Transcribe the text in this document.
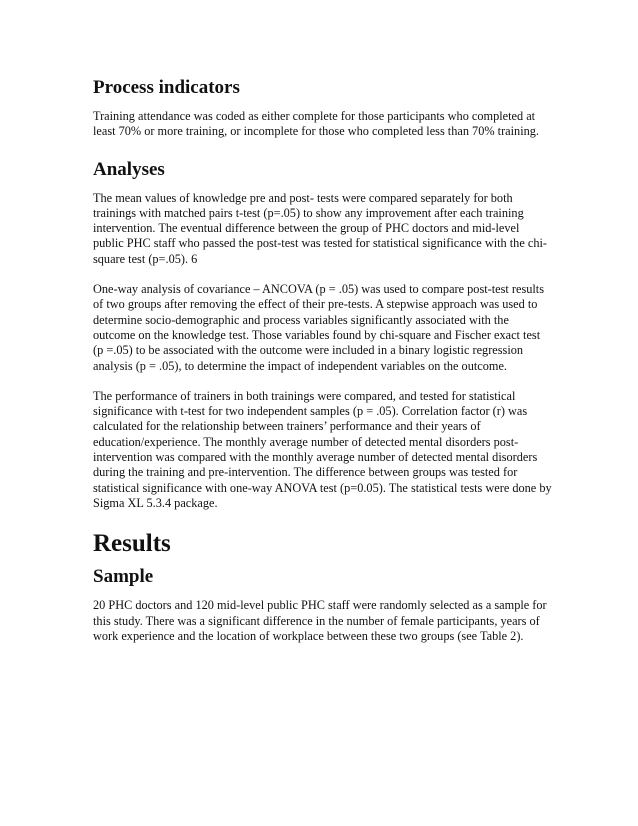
Process indicators

Training attendance was coded as either complete for those participants who completed at least 70% or more training, or incomplete for those who completed less than 70% training.

Analyses

The mean values of knowledge pre and post- tests were compared separately for both trainings with matched pairs t-test (p=.05) to show any improvement after each training intervention. The eventual difference between the group of PHC doctors and mid-level public PHC staff who passed the post-test was tested for statistical significance with the chi-square test (p=.05). 6

One-way analysis of covariance – ANCOVA (p = .05) was used to compare post-test results of two groups after removing the effect of their pre-tests. A stepwise approach was used to determine socio-demographic and process variables significantly associated with the outcome on the knowledge test. Those variables found by chi-square and Fischer exact test (p =.05) to be associated with the outcome were included in a binary logistic regression analysis (p = .05), to determine the impact of independent variables on the outcome.

The performance of trainers in both trainings were compared, and tested for statistical significance with t-test for two independent samples (p = .05). Correlation factor (r) was calculated for the relationship between trainers’ performance and their years of education/experience. The monthly average number of detected mental disorders post-intervention was compared with the monthly average number of detected mental disorders during the training and pre-intervention. The difference between groups was tested for statistical significance with one-way ANOVA test (p=0.05). The statistical tests were done by Sigma XL 5.3.4 package.

Results
Sample

20 PHC doctors and 120 mid-level public PHC staff were randomly selected as a sample for this study. There was a significant difference in the number of female participants, years of work experience and the location of workplace between these two groups (see Table 2).
